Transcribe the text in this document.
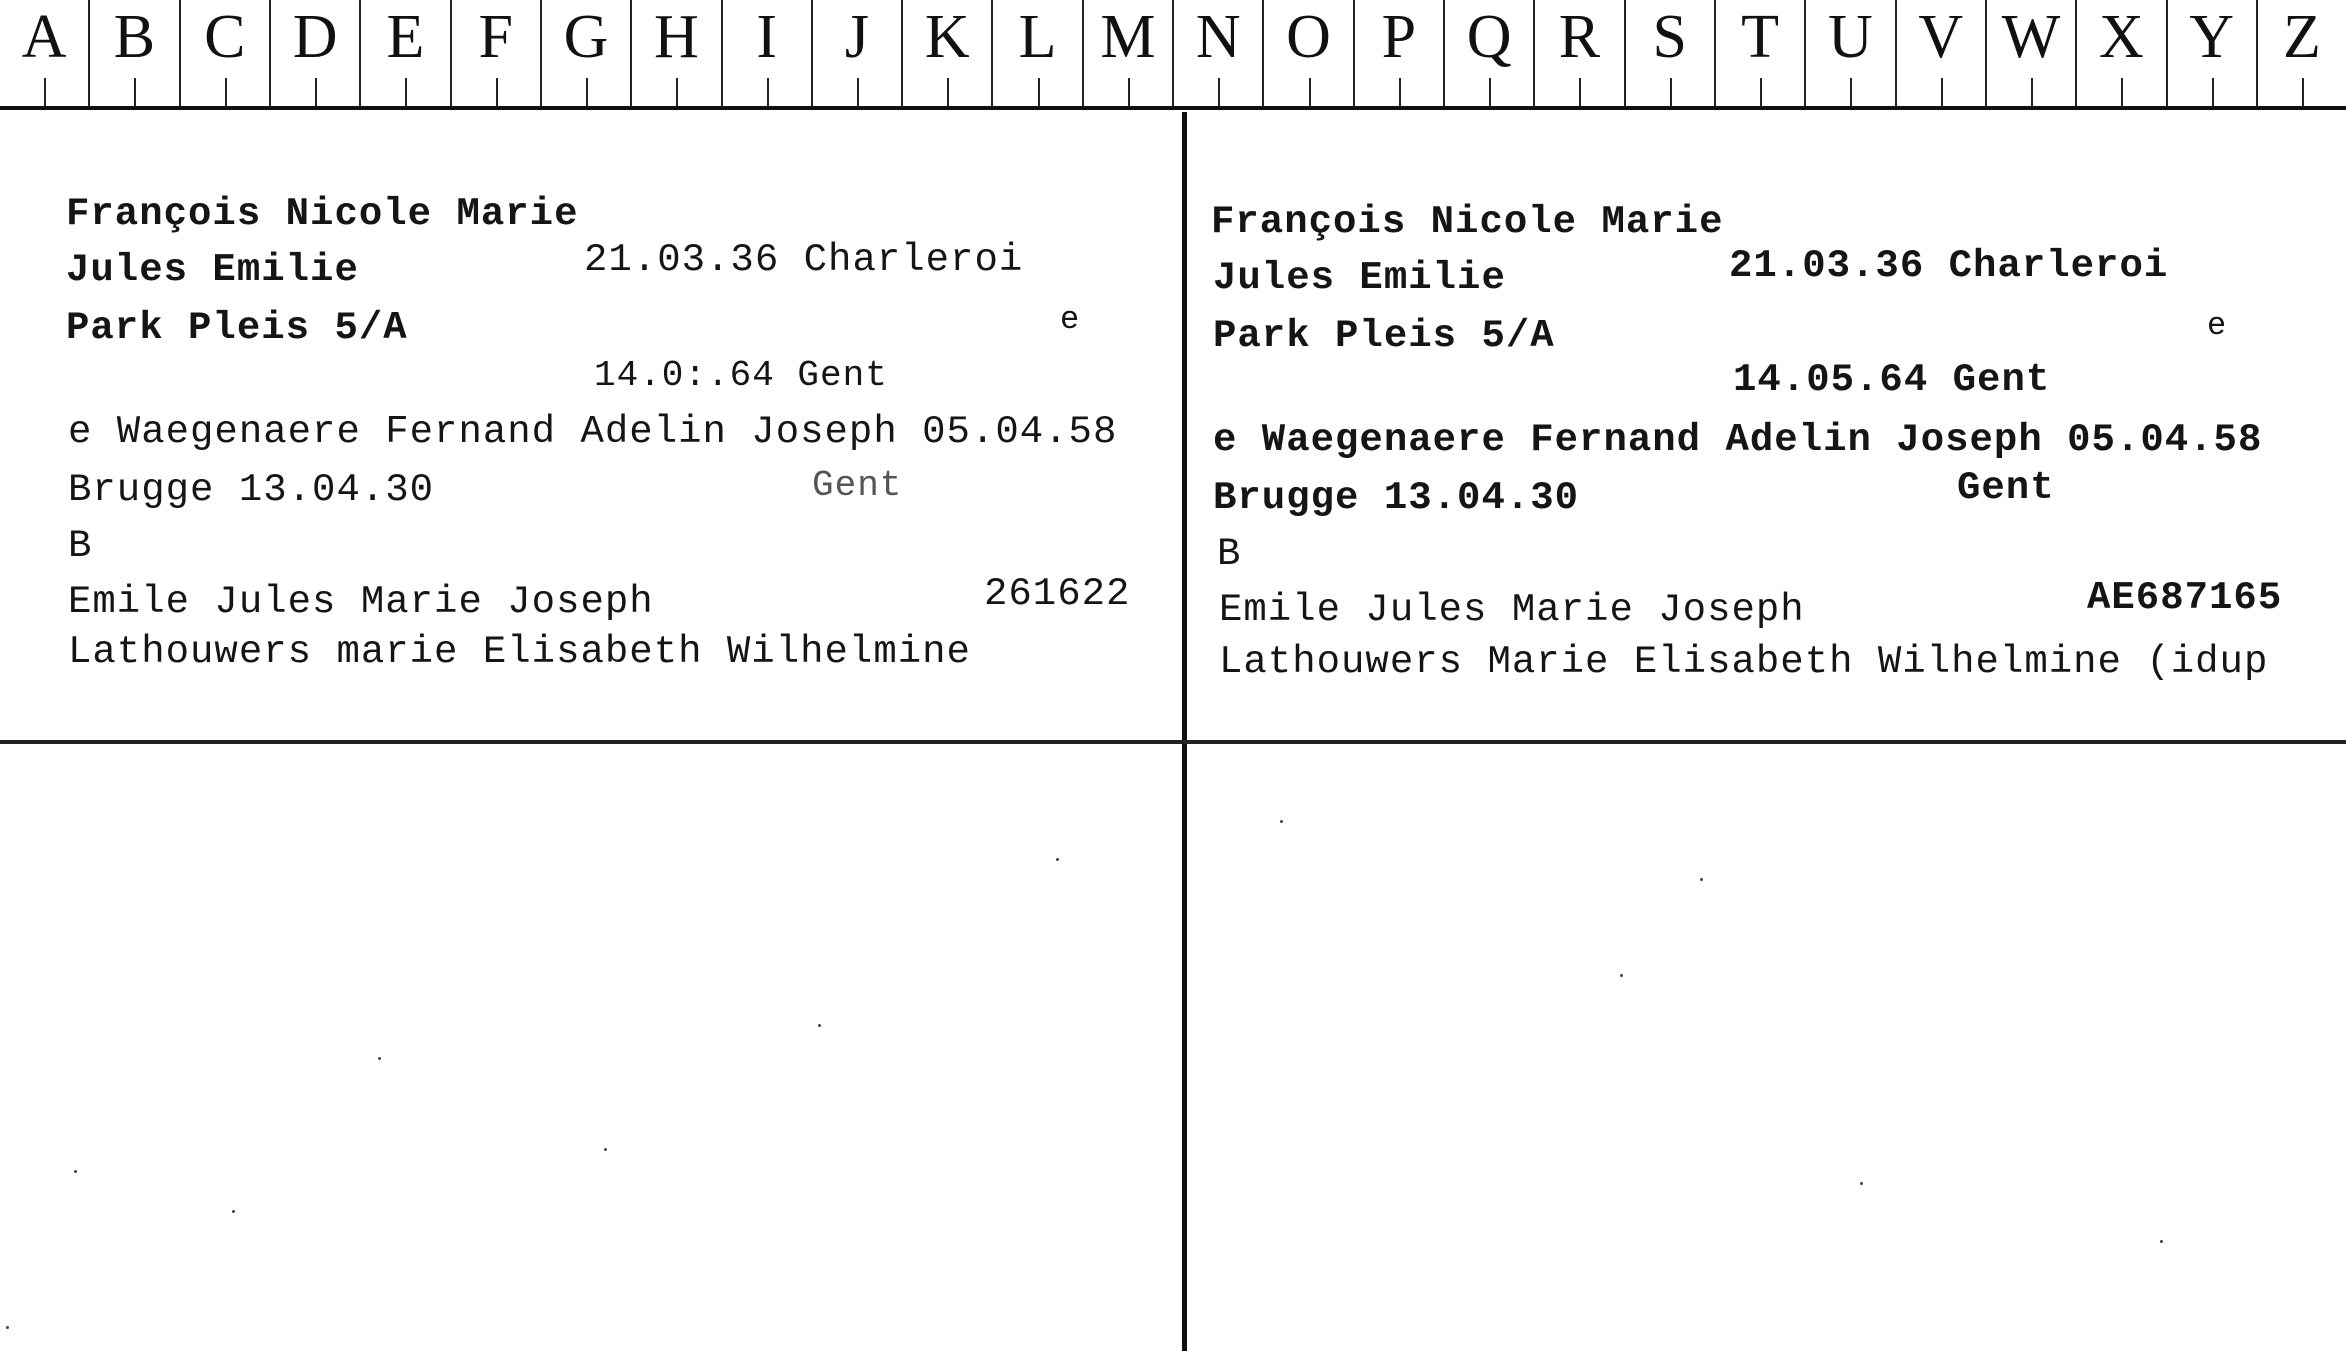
A B C D E F G H I	J K L M N O P Q R S T U V W X Y Z
François Nicole Marie
Jules Emilie	21.03.36 Charleroi
Park Pleis 5/A	e
14.0⁠:.64 Gent
e Waegenaere Fernand Adelin Joseph 05.04.58
Brugge 13.04.30	Gent
B
Emile Jules Marie Joseph	261622
Lathouwers marie Elisabeth Wilhelmine
François Nicole Marie
Jules Emilie	21.03.36 Charleroi
Park Pleis 5/A	e
14.05.64 Gent
e Waegenaere Fernand Adelin Joseph 05.04.58
Brugge 13.04.30	Gent
B
Emile Jules Marie Joseph	AE687165
Lathouwers Marie Elisabeth Wilhelmine (idup
